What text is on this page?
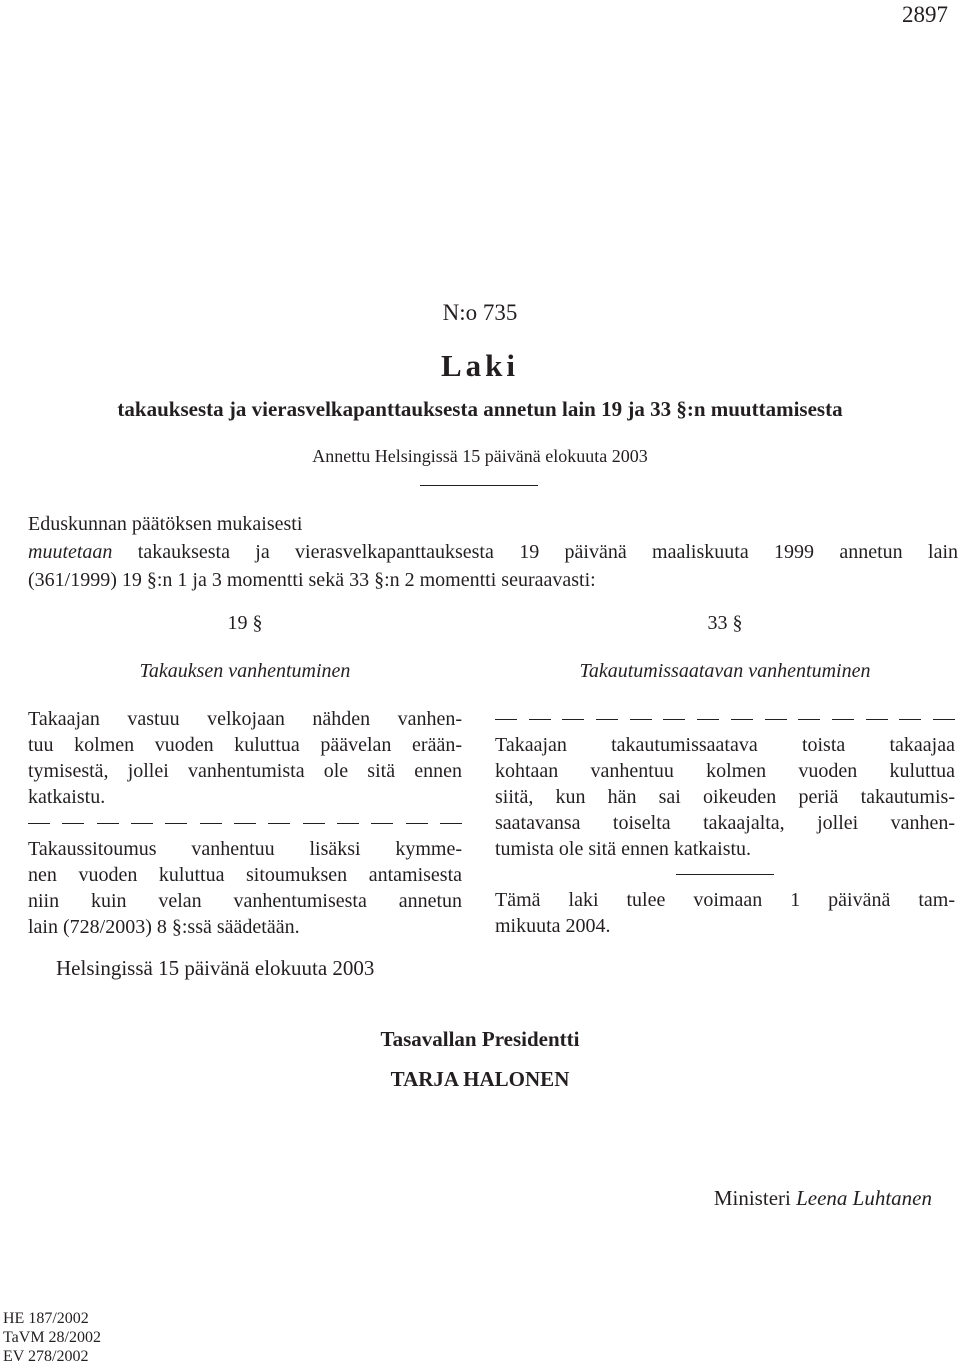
2897
N:o 735
Laki
takauksesta ja vierasvelkapanttauksesta annetun lain 19 ja 33 §:n muuttamisesta
Annettu Helsingissä 15 päivänä elokuuta 2003
Eduskunnan päätöksen mukaisesti
muutetaan takauksesta ja vierasvelkapanttauksesta 19 päivänä maaliskuuta 1999 annetun lain
(361/1999) 19 §:n 1 ja 3 momentti sekä 33 §:n 2 momentti seuraavasti:
19 §
Takauksen vanhentuminen
Takaajan vastuu velkojaan nähden vanhen-
tuu kolmen vuoden kuluttua päävelan erään-
tymisestä, jollei vanhentumista ole sitä ennen
katkaistu.
Takaussitoumus vanhentuu lisäksi kymme-
nen vuoden kuluttua sitoumuksen antamisesta
niin kuin velan vanhentumisesta annetun
lain (728/2003) 8 §:ssä säädetään.
33 §
Takautumissaatavan vanhentuminen
Takaajan takautumissaatava toista takaajaa
kohtaan vanhentuu kolmen vuoden kuluttua
siitä, kun hän sai oikeuden periä takautumis-
saatavansa toiselta takaajalta, jollei vanhen-
tumista ole sitä ennen katkaistu.
Tämä laki tulee voimaan 1 päivänä tam-
mikuuta 2004.
Helsingissä 15 päivänä elokuuta 2003
Tasavallan Presidentti
TARJA HALONEN
Ministeri Leena Luhtanen
HE 187/2002
TaVM 28/2002
EV 278/2002
